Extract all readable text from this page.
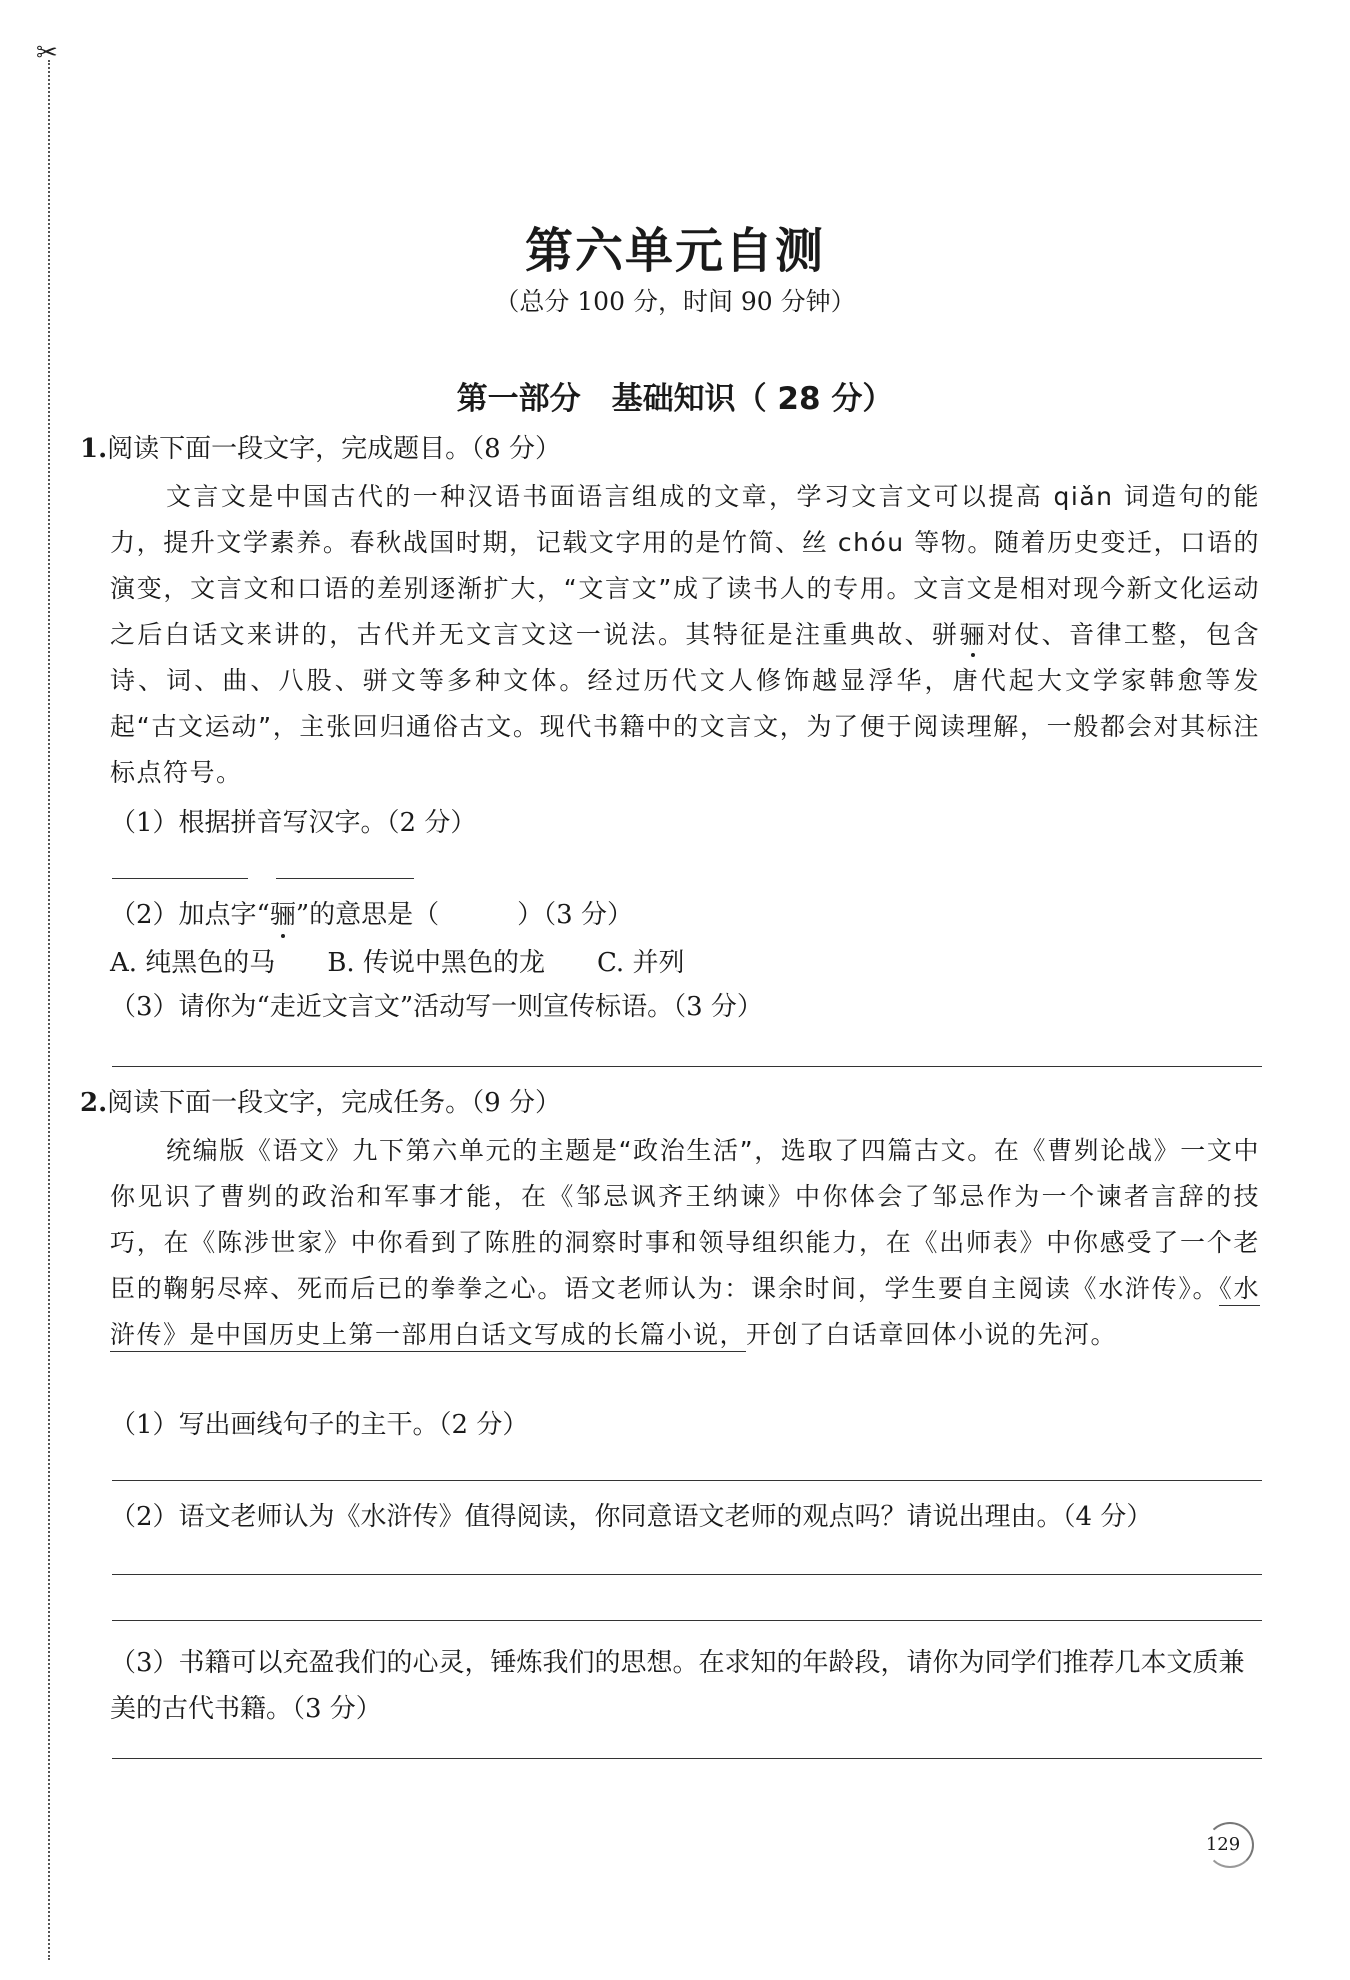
✂
第六单元自测
（总分 100 分，时间 90 分钟）
第一部分　基础知识（ 28 分）
1.阅读下面一段文字，完成题目。（8 分）
文言文是中国古代的一种汉语书面语言组成的文章，学习文言文可以提高 qiǎn 词造句的能力，提升文学素养。春秋战国时期，记载文字用的是竹简、丝 chóu 等物。随着历史变迁，口语的演变，文言文和口语的差别逐渐扩大，“文言文”成了读书人的专用。文言文是相对现今新文化运动之后白话文来讲的，古代并无文言文这一说法。其特征是注重典故、骈骊对仗、音律工整，包含诗、词、曲、八股、骈文等多种文体。经过历代文人修饰越显浮华，唐代起大文学家韩愈等发起“古文运动”，主张回归通俗古文。现代书籍中的文言文，为了便于阅读理解，一般都会对其标注标点符号。
（1）根据拼音写汉字。（2 分）
（2）加点字“骊”的意思是（　　　）（3 分）
A. 纯黑色的马 B. 传说中黑色的龙 C. 并列
（3）请你为“走近文言文”活动写一则宣传标语。（3 分）
2.阅读下面一段文字，完成任务。（9 分）
统编版《语文》九下第六单元的主题是“政治生活”，选取了四篇古文。在《曹刿论战》一文中你见识了曹刿的政治和军事才能，在《邹忌讽齐王纳谏》中你体会了邹忌作为一个谏者言辞的技巧，在《陈涉世家》中你看到了陈胜的洞察时事和领导组织能力，在《出师表》中你感受了一个老臣的鞠躬尽瘁、死而后已的拳拳之心。语文老师认为：课余时间，学生要自主阅读《水浒传》。《水浒传》是中国历史上第一部用白话文写成的长篇小说，开创了白话章回体小说的先河。
（1）写出画线句子的主干。（2 分）
（2）语文老师认为《水浒传》值得阅读，你同意语文老师的观点吗？请说出理由。（4 分）
（3）书籍可以充盈我们的心灵，锤炼我们的思想。在求知的年龄段，请你为同学们推荐几本文质兼美的古代书籍。（3 分）
129
